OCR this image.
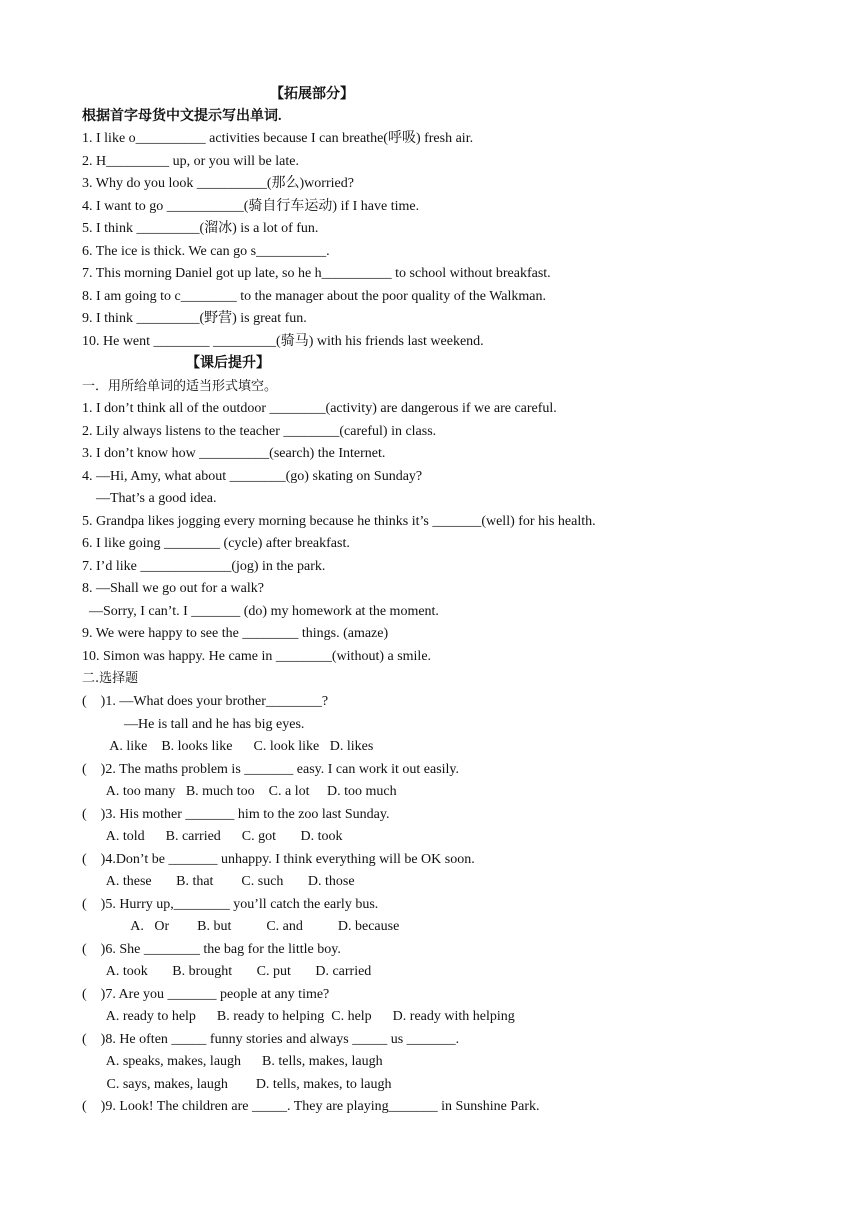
【拓展部分】
根据首字母货中文提示写出单词.
1. I like o__________ activities because I can breathe(呼吸) fresh air.
2. H_________ up, or you will be late.
3. Why do you look __________(那么)worried?
4. I want to go ___________(骑自行车运动) if I have time.
5. I think _________(溜冰) is a lot of fun.
6. The ice is thick. We can go s__________.
7. This morning Daniel got up late, so he h__________ to school without breakfast.
8. I am going to c________ to the manager about the poor quality of the Walkman.
9. I think _________(野营) is great fun.
10. He went ________ _________(骑马) with his friends last weekend.
【课后提升】
一．用所给单词的适当形式填空。
1. I don’t think all of the outdoor ________(activity) are dangerous if we are careful.
2. Lily always listens to the teacher ________(careful) in class.
3. I don’t know how __________(search) the Internet.
4. —Hi, Amy, what about ________(go) skating on Sunday?
—That’s a good idea.
5. Grandpa likes jogging every morning because he thinks it’s _______(well) for his health.
6. I like going ________ (cycle) after breakfast.
7. I’d like _____________(jog) in the park.
8. —Shall we go out for a walk?
—Sorry, I can’t. I _______ (do) my homework at the moment.
9. We were happy to see the ________ things. (amaze)
10. Simon was happy. He came in ________(without) a smile.
二.选择题
(    )1. —What does your brother________?
—He is tall and he has big eyes.
A. like    B. looks like      C. look like   D. likes
(    )2. The maths problem is _______ easy. I can work it out easily.
A. too many   B. much too    C. a lot     D. too much
(    )3. His mother _______ him to the zoo last Sunday.
A. told      B. carried      C. got       D. took
(    )4.Don’t be _______ unhappy. I think everything will be OK soon.
A. these       B. that        C. such       D. those
(    )5. Hurry up,________ you’ll catch the early bus.
A.   Or        B. but          C. and          D. because
(    )6. She ________ the bag for the little boy.
A. took       B. brought       C. put       D. carried
(    )7. Are you _______ people at any time?
A. ready to help      B. ready to helping  C. help      D. ready with helping
(    )8. He often _____ funny stories and always _____ us _______.
A. speaks, makes, laugh      B. tells, makes, laugh
C. says, makes, laugh        D. tells, makes, to laugh
(    )9. Look! The children are _____. They are playing_______ in Sunshine Park.
